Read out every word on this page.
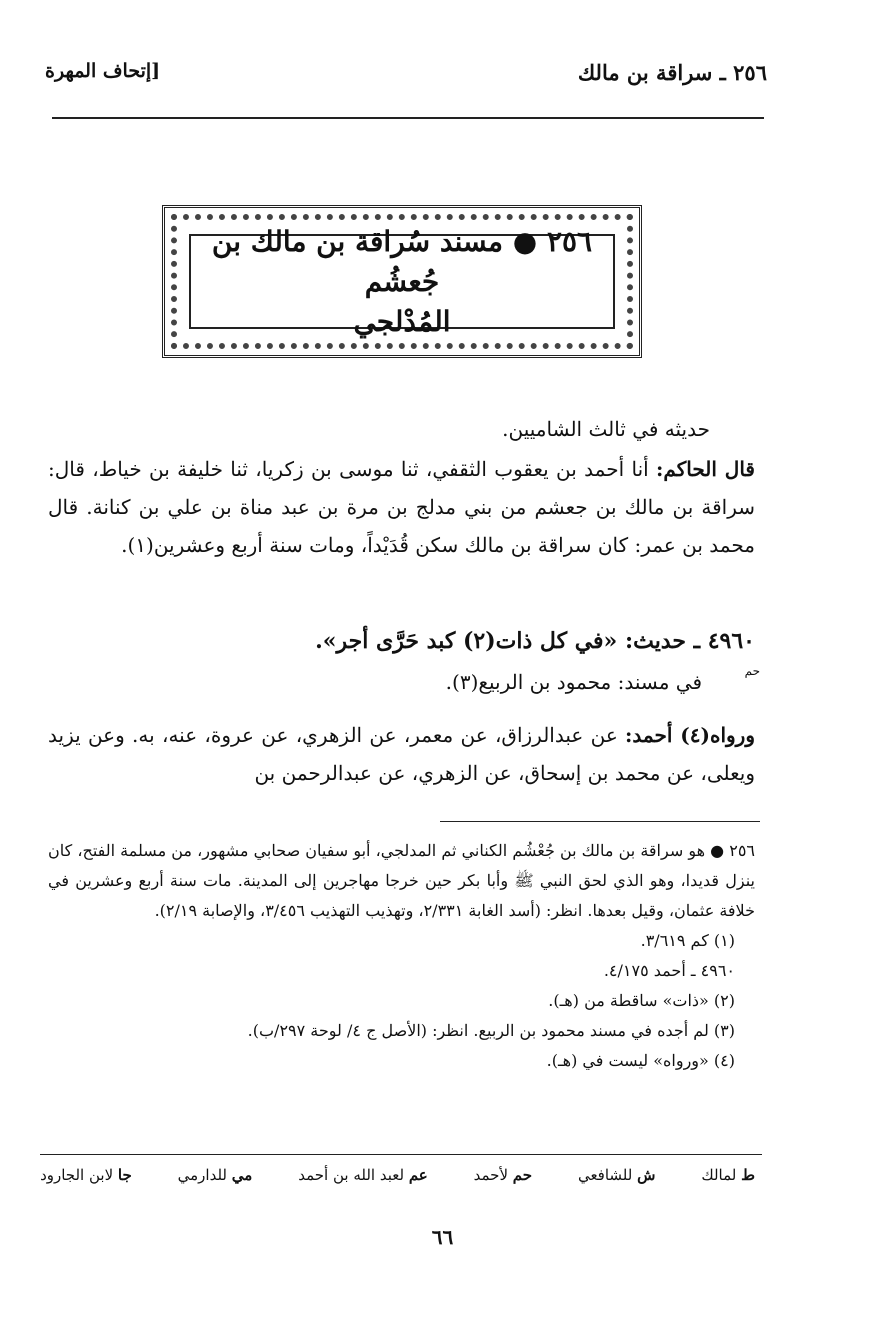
٢٥٦ ـ سراقة بن مالك
[إتحاف المهرة
٢٥٦ ● مسند سُراقة بن مالك بن جُعشُم
المُدْلجي
حديثه في ثالث الشاميين.
قال الحاكم: أنا أحمد بن يعقوب الثقفي، ثنا موسى بن زكريا، ثنا خليفة بن خياط، قال: سراقة بن مالك بن جعشم من بني مدلج بن مرة بن عبد مناة بن علي بن كنانة. قال محمد بن عمر: كان سراقة بن مالك سكن قُدَيْداً، ومات سنة أربع وعشرين(١).
٤٩٦٠ ـ حديث: «في كل ذات(٢) كبد حَرَّى أجر».
حم
في مسند: محمود بن الربيع(٣).
ورواه(٤) أحمد: عن عبدالرزاق، عن معمر، عن الزهري، عن عروة، عنه، به. وعن يزيد ويعلى، عن محمد بن إسحاق، عن الزهري، عن عبدالرحمن بن
٢٥٦ ● هو سراقة بن مالك بن جُعْشُم الكناني ثم المدلجي، أبو سفيان صحابي مشهور، من مسلمة الفتح، كان ينزل قديدا، وهو الذي لحق النبي ﷺ وأبا بكر حين خرجا مهاجرين إلى المدينة. مات سنة أربع وعشرين في خلافة عثمان، وقيل بعدها. انظر: (أسد الغابة ٢/٣٣١، وتهذيب التهذيب ٣/٤٥٦، والإصابة ٢/١٩).
(١) كم ٣/٦١٩.
٤٩٦٠ ـ أحمد ٤/١٧٥.
(٢) «ذات» ساقطة من (هـ).
(٣) لم أجده في مسند محمود بن الربيع. انظر: (الأصل ج ٤/ لوحة ٢٩٧/ب).
(٤) «ورواه» ليست في (هـ).
ط لمالك
ش للشافعي
حم لأحمد
عم لعبد الله بن أحمد
مي للدارمي
جا لابن الجارود
٦٦
